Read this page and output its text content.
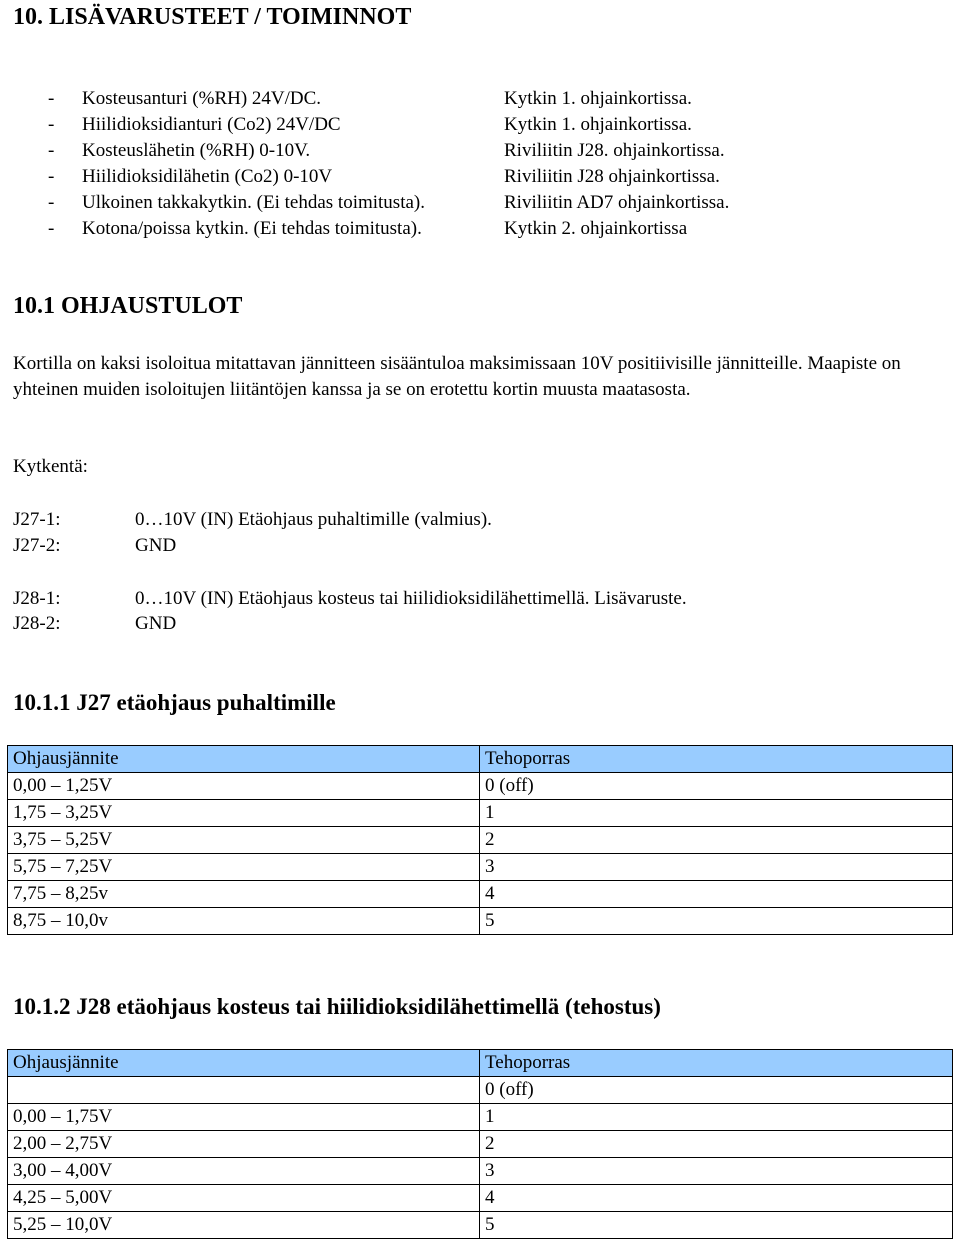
10. LISÄVARUSTEET / TOIMINNOT
- Kosteusanturi (%RH) 24V/DC.	Kytkin 1. ohjainkortissa.
- Hiilidioksidianturi (Co2) 24V/DC	Kytkin 1. ohjainkortissa.
- Kosteuslähetin (%RH) 0-10V.	Riviliitin J28. ohjainkortissa.
- Hiilidioksidilähetin (Co2) 0-10V	Riviliitin J28 ohjainkortissa.
- Ulkoinen takkakytkin. (Ei tehdas toimitusta).	Riviliitin AD7 ohjainkortissa.
- Kotona/poissa kytkin. (Ei tehdas toimitusta).	Kytkin 2. ohjainkortissa
10.1 OHJAUSTULOT
Kortilla on kaksi isoloitua mitattavan jännitteen sisääntuloa maksimissaan 10V positiivisille jännitteille. Maapiste on yhteinen muiden isoloitujen liitäntöjen kanssa ja se on erotettu kortin muusta maatasosta.
Kytkentä:
J27-1:	0…10V (IN) Etäohjaus puhaltimille (valmius).
J27-2:	GND
J28-1:	0…10V (IN) Etäohjaus kosteus tai hiilidioksidilähettimellä. Lisävaruste.
J28-2:	GND
10.1.1 J27 etäohjaus puhaltimille
Ohjausjännite	Tehoporras
0,00 – 1,25V	0 (off)
1,75 – 3,25V	1
3,75 – 5,25V	2
5,75 – 7,25V	3
7,75 – 8,25v	4
8,75 – 10,0v	5
10.1.2 J28 etäohjaus kosteus tai hiilidioksidilähettimellä (tehostus)
Ohjausjännite	Tehoporras
	0 (off)
0,00 – 1,75V	1
2,00 – 2,75V	2
3,00 – 4,00V	3
4,25 – 5,00V	4
5,25 – 10,0V	5
